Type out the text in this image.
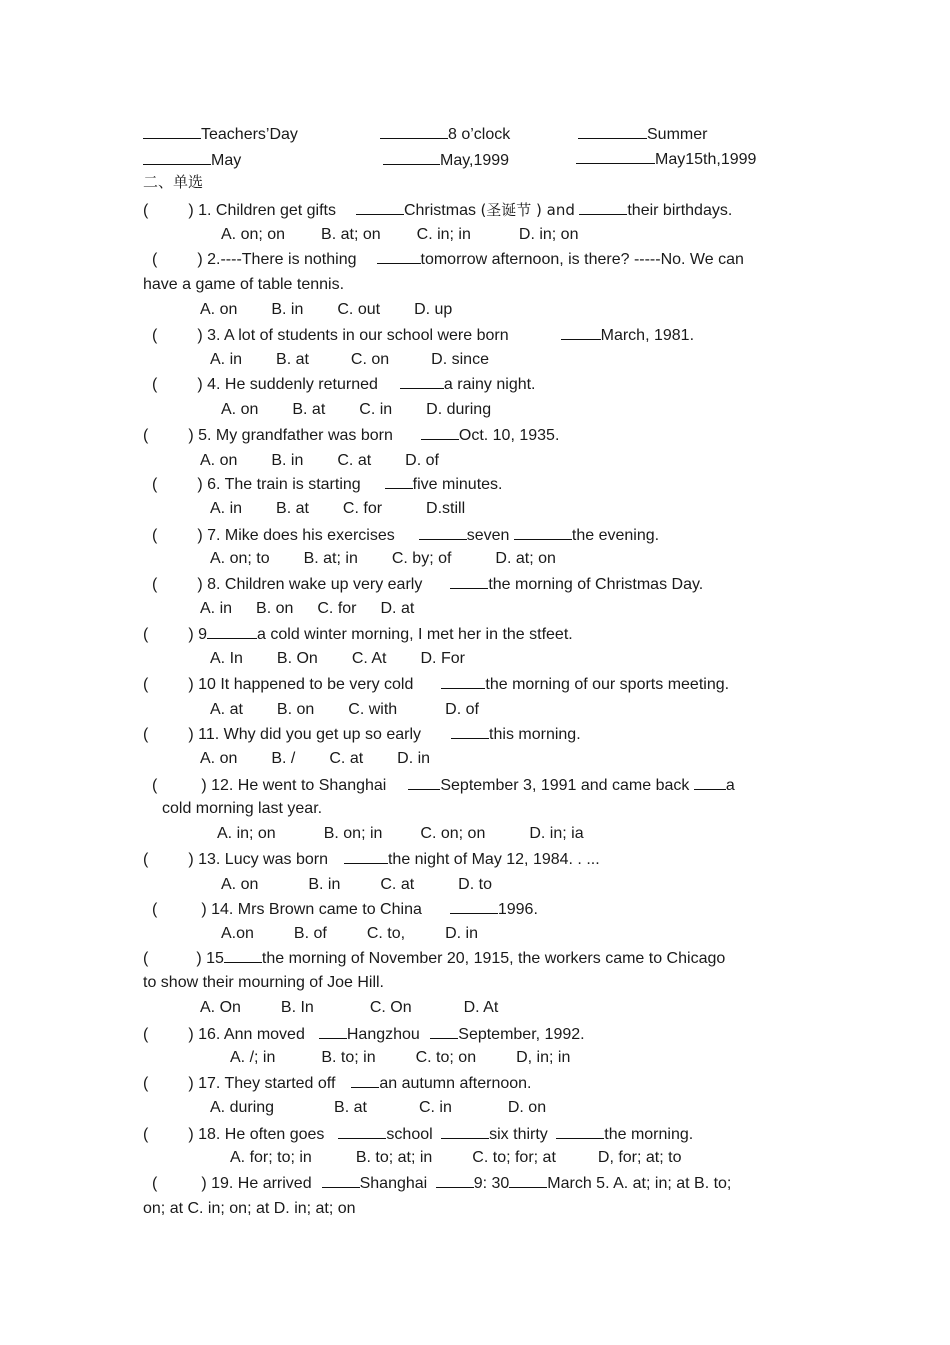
Teachers’Day	8 o’clock	Summer
May	May,1999	May15th,1999
二、单选
(	) 1. Children get gifts	Christmas (圣诞节 ) and	their birthdays.
A. on; on B. at; on C. in; in	D. in; on
(	) 2.----There is nothing	tomorrow afternoon, is there? -----No. We can
have a game of table tennis.
A. on B. in C. out D. up
(	) 3. A lot of students in our school were born	March, 1981.
A. in B. at	C. on	D. since
(	) 4. He suddenly returned	a rainy night.
A. on B. at C. in D. during
(	) 5. My grandfather was born	Oct. 10, 1935.
A. on B. in C. at D. of
(	) 6. The train is starting	five minutes.
A. in B. at C. for	D.still
(	) 7. Mike does his exercises	seven	the evening.
A. on; to B. at; in C. by; of	D. at; on
(	) 8. Children wake up very early	the morning of Christmas Day.
A. in B. on C. for D. at
(	) 9	a cold winter morning, I met her in the stfeet.
A. In B. On C. At D. For
(	) 10 It happened to be very cold	the morning of our sports meeting.
A. at B. on C. with	D. of
(	) 11. Why did you get up so early	this morning.
A. on B. / C. at D. in
(	) 12. He went to Shanghai	September 3, 1991 and came back a
cold morning last year.
A. in; on	B. on; in C. on; on	D. in; ia
(	) 13. Lucy was born	the night of May 12, 1984. . ...
A. on	B. in	C. at	D. to
(	) 14. Mrs Brown came to China	1996.
A.on	B. of	C. to,	D. in
(	) 15 the morning of November 20, 1915, the workers came to Chicago
to show their mourning of Joe Hill.
A. On	B. In	C. On	D. At
(	) 16. Ann moved	Hangzhou September, 1992.
A. /; in	B. to; in	C. to; on	D, in; in
(	) 17. They started off	an autumn afternoon.
A. during	B. at	C. in	D. on
(	) 18. He often goes	school	six thirty	the morning.
A. for; to; in	B. to; at; in	C. to; for; at	D, for; at; to
(	) 19. He arrived	Shanghai	9: 30 March 5. A. at; in; at B. to;
on; at C. in; on; at D. in; at; on
